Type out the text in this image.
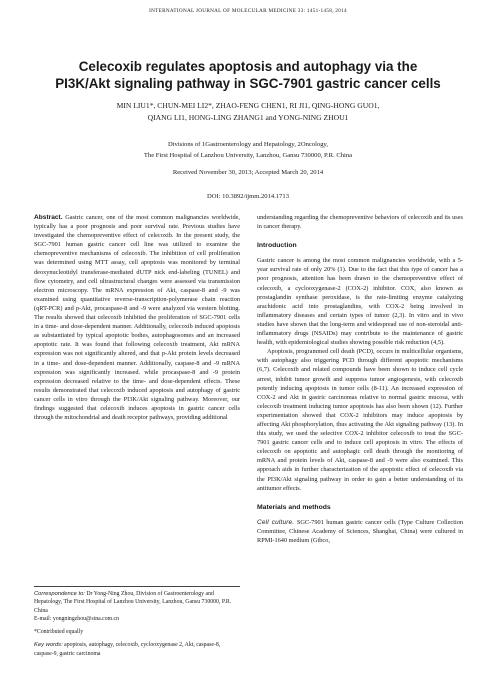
INTERNATIONAL JOURNAL OF MOLECULAR MEDICINE 33: 1451-1458, 2014
Celecoxib regulates apoptosis and autophagy via the
PI3K/Akt signaling pathway in SGC-7901 gastric cancer cells
MIN LIU1*, CHUN-MEI LI2*, ZHAO-FENG CHEN1, RI JI1, QING-HONG GUO1,
QIANG LI1, HONG-LING ZHANG1 and YONG-NING ZHOU1
Divisions of 1Gastroenterology and Hepatology, 2Oncology,
The First Hospital of Lanzhou University, Lanzhou, Gansu 730000, P.R. China
Received November 30, 2013; Accepted March 20, 2014
DOI: 10.3892/ijmm.2014.1713

Abstract. Gastric cancer, one of the most common malignancies worldwide, typically has a poor prognosis and poor survival rate. Previous studies have investigated the chemopreventive effect of celecoxib. In the present study, the SGC-7901 human gastric cancer cell line was utilized to examine the chemopreventive mechanisms of celecoxib. The inhibition of cell proliferation was determined using MTT assay, cell apoptosis was monitored by terminal deoxynucleotidyl transferase-mediated dUTP nick end-labeling (TUNEL) and flow cytometry, and cell ultrastructural changes were assessed via transmission electron microscopy. The mRNA expression of Akt, caspase-8 and -9 was examined using quantitative reverse-transcription-polymerase chain reaction (qRT-PCR) and p-Akt, procaspase-8 and -9 were analyzed via western blotting. The results showed that celecoxib inhibited the proliferation of SGC-7901 cells in a time- and dose-dependent manner. Additionally, celecoxib induced apoptosis as substantiated by typical apoptotic bodies, autophagosomes and an increased apoptotic rate. It was found that following celecoxib treatment, Akt mRNA expression was not significantly altered, and that p-Akt protein levels decreased in a time- and dose-dependent manner. Additionally, caspase-8 and -9 mRNA expression was significantly increased. while procaspase-8 and -9 protein expression decreased relative to the time- and dose-dependent effects. These results demonstrated that celecoxib induced apoptosis and autophagy of gastric cancer cells in vitro through the PI3K/Akt signaling pathway. Moreover, our findings suggested that celecoxib induces apoptosis in gastric cancer cells through the mitochondrial and death receptor pathways, providing additional

Correspondence to: Dr Yong-Ning Zhou, Division of Gastroenterology and Hepatology, The First Hospital of Lanzhou University, Lanzhou, Gansu 730000, P.R. China

E-mail: yongningzhou@sina.com.cn

*Contributed equally

Key words: apoptosis, autophagy, celecoxib, cyclooxygenase 2, Akt, caspase-8, caspase-9, gastric carcinoma

understanding regarding the chemopreventive behaviors of celecoxib and its uses in cancer therapy.

Introduction

Gastric cancer is among the most common malignancies worldwide, with a 5-year survival rate of only 20% (1). Due to the fact that this type of cancer has a poor prognosis, attention has been drawn to the chemopreventive effect of celecoxib, a cyclooxygenase-2 (COX-2) inhibitor. COX, also known as prostaglandin synthase peroxidase, is the rate-limiting enzyme catalyzing arachidonic acid into prostaglandins, with COX-2 being involved in inflammatory diseases and certain types of tumor (2,3). In vitro and in vivo studies have shown that the long-term and widespread use of non-steroidal anti-inflammatory drugs (NSAIDs) may contribute to the maintenance of gastric health, with epidemiological studies showing possible risk reduction (4,5).

Apoptosis, programmed cell death (PCD), occurs in multicellular organisms, with autophagy also triggering PCD through different apoptotic mechanisms (6,7). Celecoxib and related compounds have been shown to induce cell cycle arrest, inhibit tumor growth and suppress tumor angiogenesis, with celecoxib potently inducing apoptosis in tumor cells (8-11). An increased expression of COX-2 and Akt in gastric carcinomas relative to normal gastric mucosa, with celecoxib treatment inducing tumor apoptosis has also been shown (12). Further experimentation showed that COX-2 inhibitors may induce apoptosis by affecting Akt phosphorylation, thus activating the Akt signaling pathway (13). In this study, we used the selective COX-2 inhibitor celecoxib to treat the SGC-7901 gastric cancer cells and to induce cell apoptosis in vitro. The effects of celecoxib on apoptotic and autophagic cell death through the monitoring of mRNA and protein levels of Akt, caspase-8 and -9 were also examined. This approach aids in further characterization of the apoptotic effect of celecoxib via the PI3K/Akt signaling pathway in order to gain a better understanding of its antitumor effects.

Materials and methods

Cell culture. SGC-7901 human gastric cancer cells (Type Culture Collection Committee, Chinese Academy of Sciences, Shanghai, China) were cultured in RPMI-1640 medium (Gibco,
